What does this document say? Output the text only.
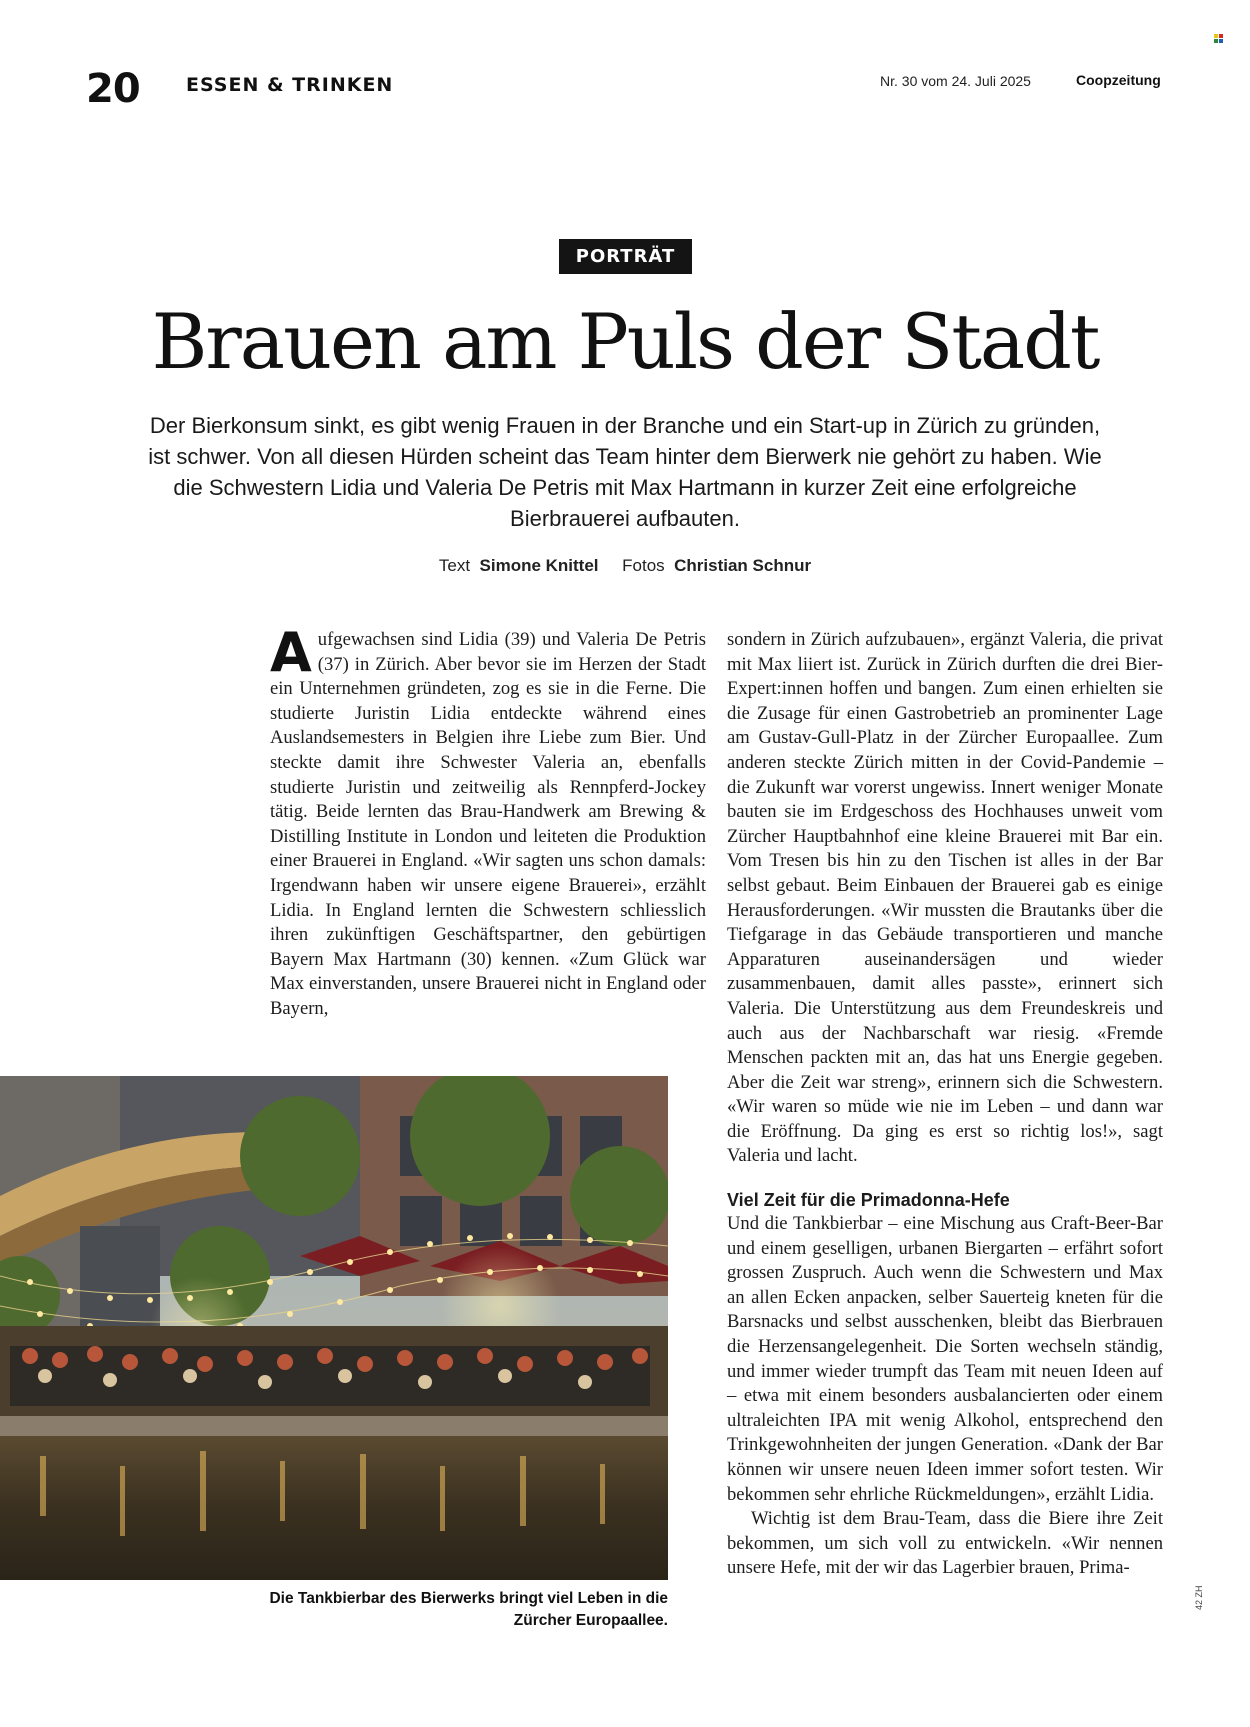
20 ESSEN & TRINKEN	Nr. 30 vom 24. Juli 2025	Coopzeitung
PORTRÄT
Brauen am Puls der Stadt
Der Bierkonsum sinkt, es gibt wenig Frauen in der Branche und ein Start-up in Zürich zu gründen, ist schwer. Von all diesen Hürden scheint das Team hinter dem Bierwerk nie gehört zu haben. Wie die Schwestern Lidia und Valeria De Petris mit Max Hartmann in kurzer Zeit eine erfolgreiche Bierbrauerei aufbauten.
Text Simone Knittel Fotos Christian Schnur

Aufgewachsen sind Lidia (39) und Valeria De Petris (37) in Zürich. Aber bevor sie im Herzen der Stadt ein Unternehmen gründeten, zog es sie in die Ferne. Die studierte Juristin Lidia entdeckte während eines Auslandsemesters in Belgien ihre Liebe zum Bier. Und steckte damit ihre Schwester Valeria an, ebenfalls studierte Juristin und zeitweilig als Rennpferd-Jockey tätig. Beide lernten das Brau-Handwerk am Brewing & Distilling Institute in London und leiteten die Produktion einer Brauerei in England. «Wir sagten uns schon damals: Irgendwann haben wir unsere eigene Brauerei», erzählt Lidia. In England lernten die Schwestern schliesslich ihren zukünftigen Geschäftspartner, den gebürtigen Bayern Max Hartmann (30) kennen. «Zum Glück war Max einverstanden, unsere Brauerei nicht in England oder Bayern,

sondern in Zürich aufzubauen», ergänzt Valeria, die privat mit Max liiert ist. Zurück in Zürich durften die drei Bier-Expert:innen hoffen und bangen. Zum einen erhielten sie die Zusage für einen Gastrobetrieb an prominenter Lage am Gustav-Gull-Platz in der Zürcher Europaallee. Zum anderen steckte Zürich mitten in der Covid-Pandemie – die Zukunft war vorerst ungewiss. Innert weniger Monate bauten sie im Erdgeschoss des Hochhauses unweit vom Zürcher Hauptbahnhof eine kleine Brauerei mit Bar ein. Vom Tresen bis hin zu den Tischen ist alles in der Bar selbst gebaut. Beim Einbauen der Brauerei gab es einige Herausforderungen. «Wir mussten die Brautanks über die Tiefgarage in das Gebäude transportieren und manche Apparaturen auseinandersägen und wieder zusammenbauen, damit alles passte», erinnert sich Valeria. Die Unterstützung aus dem Freundeskreis und auch aus der Nachbarschaft war riesig. «Fremde Menschen packten mit an, das hat uns Energie gegeben. Aber die Zeit war streng», erinnern sich die Schwestern. «Wir waren so müde wie nie im Leben – und dann war die Eröffnung. Da ging es erst so richtig los!», sagt Valeria und lacht.

Viel Zeit für die Primadonna-Hefe

Und die Tankbierbar – eine Mischung aus Craft-Beer-Bar und einem geselligen, urbanen Biergarten – erfährt sofort grossen Zuspruch. Auch wenn die Schwestern und Max an allen Ecken anpacken, selber Sauerteig kneten für die Barsnacks und selbst ausschenken, bleibt das Bierbrauen die Herzensangelegenheit. Die Sorten wechseln ständig, und immer wieder trumpft das Team mit neuen Ideen auf – etwa mit einem besonders ausbalancierten oder einem ultraleichten IPA mit wenig Alkohol, entsprechend den Trinkgewohnheiten der jungen Generation. «Dank der Bar können wir unsere neuen Ideen immer sofort testen. Wir bekommen sehr ehrliche Rückmeldungen», erzählt Lidia.

Wichtig ist dem Brau-Team, dass die Biere ihre Zeit bekommen, um sich voll zu entwickeln. «Wir nennen unsere Hefe, mit der wir das Lagerbier brauen, Prima-

Die Tankbierbar des Bierwerks bringt viel Leben in die Zürcher Europaallee.
42 ZH
